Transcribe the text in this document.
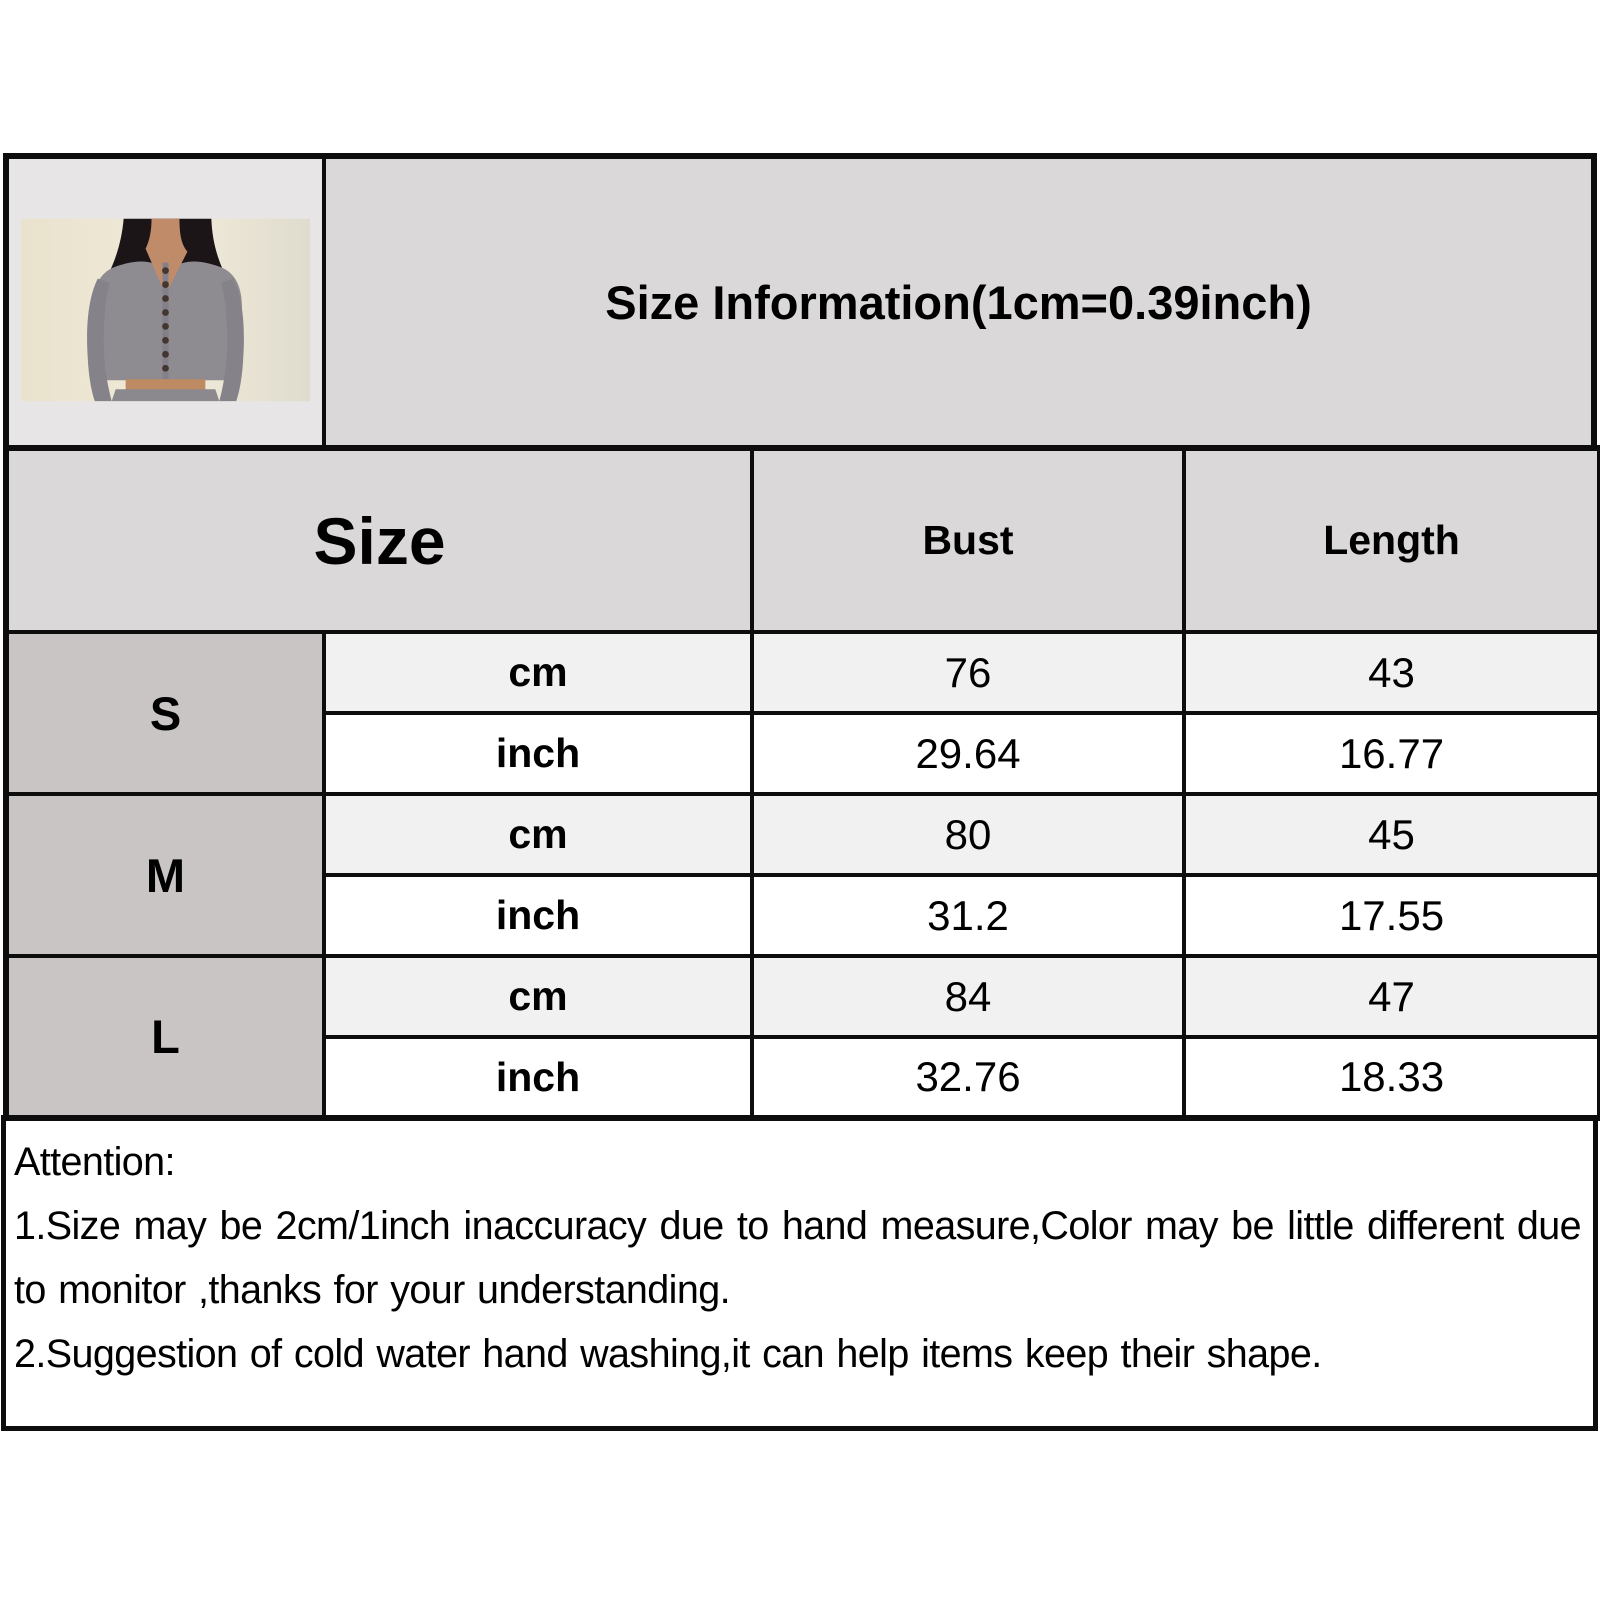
Size Information(1cm=0.39inch)
Size		Bust	Length
S	cm	76	43
	inch	29.64	16.77
M	cm	80	45
	inch	31.2	17.55
L	cm	84	47
	inch	32.76	18.33

Attention:

1.Size may be 2cm/1inch inaccuracy due to hand measure,Color may be little different due to monitor ,thanks for your understanding.

2.Suggestion of cold water hand washing,it can help items keep their shape.
